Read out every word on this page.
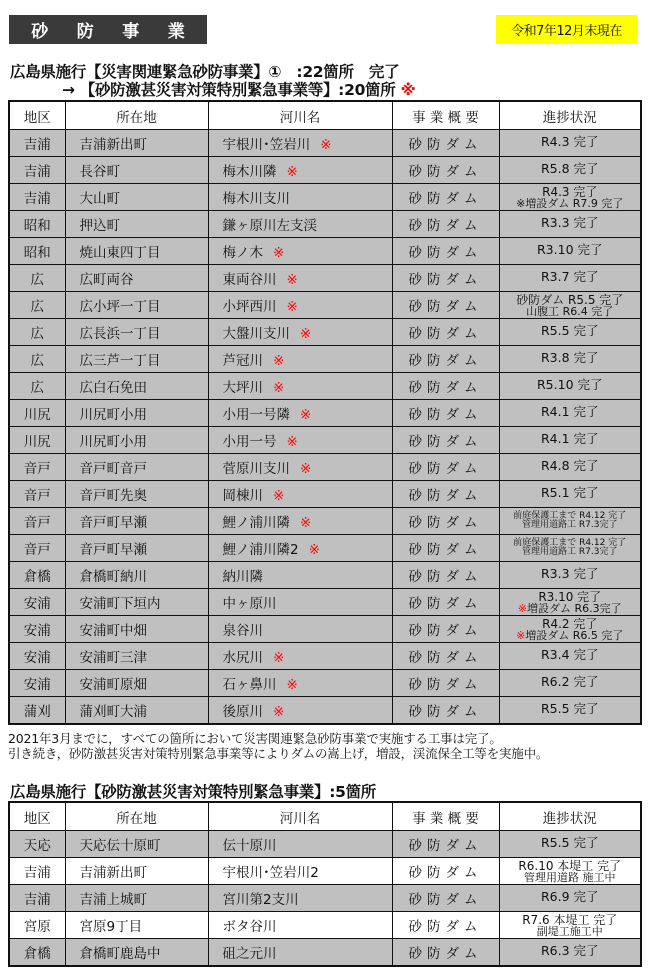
砂 防 事 業	令和7年12月末現在
広島県施行【災害関連緊急砂防事業】①　:22箇所　完了
→ 【砂防激甚災害対策特別緊急事業等】:20箇所 ※
地区	所在地	河川名	事 業 概 要	進捗状況
吉浦	吉浦新出町	宇根川･笠岩川 ※	砂防ダム	R4.3 完了
吉浦	長谷町	梅木川隣 ※	砂防ダム	R5.8 完了
吉浦	大山町	梅木川支川	砂防ダム	R4.3 完了
※増設ダム R7.9 完了

昭和	押込町	鎌ヶ原川左支渓	砂防ダム	R3.3 完了
昭和	焼山東四丁目	梅ノ木 ※	砂防ダム	R3.10 完了
広	広町両谷	東両谷川 ※	砂防ダム	R3.7 完了
広	広小坪一丁目	小坪西川 ※	砂防ダム	砂防ダム R5.5 完了
山腹工 R6.4 完了

広	広長浜一丁目	大盤川支川 ※	砂防ダム	R5.5 完了
広	広三芦一丁目	芦冠川 ※	砂防ダム	R3.8 完了
広	広白石免田	大坪川 ※	砂防ダム	R5.10 完了
川尻	川尻町小用	小用一号隣 ※	砂防ダム	R4.1 完了
川尻	川尻町小用	小用一号 ※	砂防ダム	R4.1 完了
音戸	音戸町音戸	菅原川支川 ※	砂防ダム	R4.8 完了
音戸	音戸町先奥	岡棟川 ※	砂防ダム	R5.1 完了
音戸	音戸町早瀬	鯉ノ浦川隣 ※	砂防ダム	前庭保護工まで R4.12 完了
管理用道路工 R7.3完了

音戸	音戸町早瀬	鯉ノ浦川隣2 ※	砂防ダム	前庭保護工まで R4.12 完了
管理用道路工 R7.3完了

倉橋	倉橋町納川	納川隣	砂防ダム	R3.3 完了
安浦	安浦町下垣内	中ヶ原川	砂防ダム	R3.10 完了
※増設ダム R6.3完了

安浦	安浦町中畑	泉谷川	砂防ダム	R4.2 完了
※増設ダム R6.5 完了

安浦	安浦町三津	水尻川 ※	砂防ダム	R3.4 完了
安浦	安浦町原畑	石ヶ鼻川 ※	砂防ダム	R6.2 完了
蒲刈	蒲刈町大浦	後原川 ※	砂防ダム	R5.5 完了
2021年3月までに，すべての箇所において災害関連緊急砂防事業で実施する工事は完了。
引き続き，砂防激甚災害対策特別緊急事業等によりダムの嵩上げ，増設，渓流保全工等を実施中。
広島県施行【砂防激甚災害対策特別緊急事業】:5箇所
地区	所在地	河川名	事 業 概 要	進捗状況
天応	天応伝十原町	伝十原川	砂防ダム	R5.5 完了
吉浦	吉浦新出町	宇根川･笠岩川2	砂防ダム	R6.10 本堤工 完了
管理用道路 施工中

吉浦	吉浦上城町	宮川第2支川	砂防ダム	R6.9 完了
宮原	宮原9丁目	ボタ谷川	砂防ダム	R7.6 本堤工 完了
副堤工施工中

倉橋	倉橋町鹿島中	砠之元川	砂防ダム	R6.3 完了
